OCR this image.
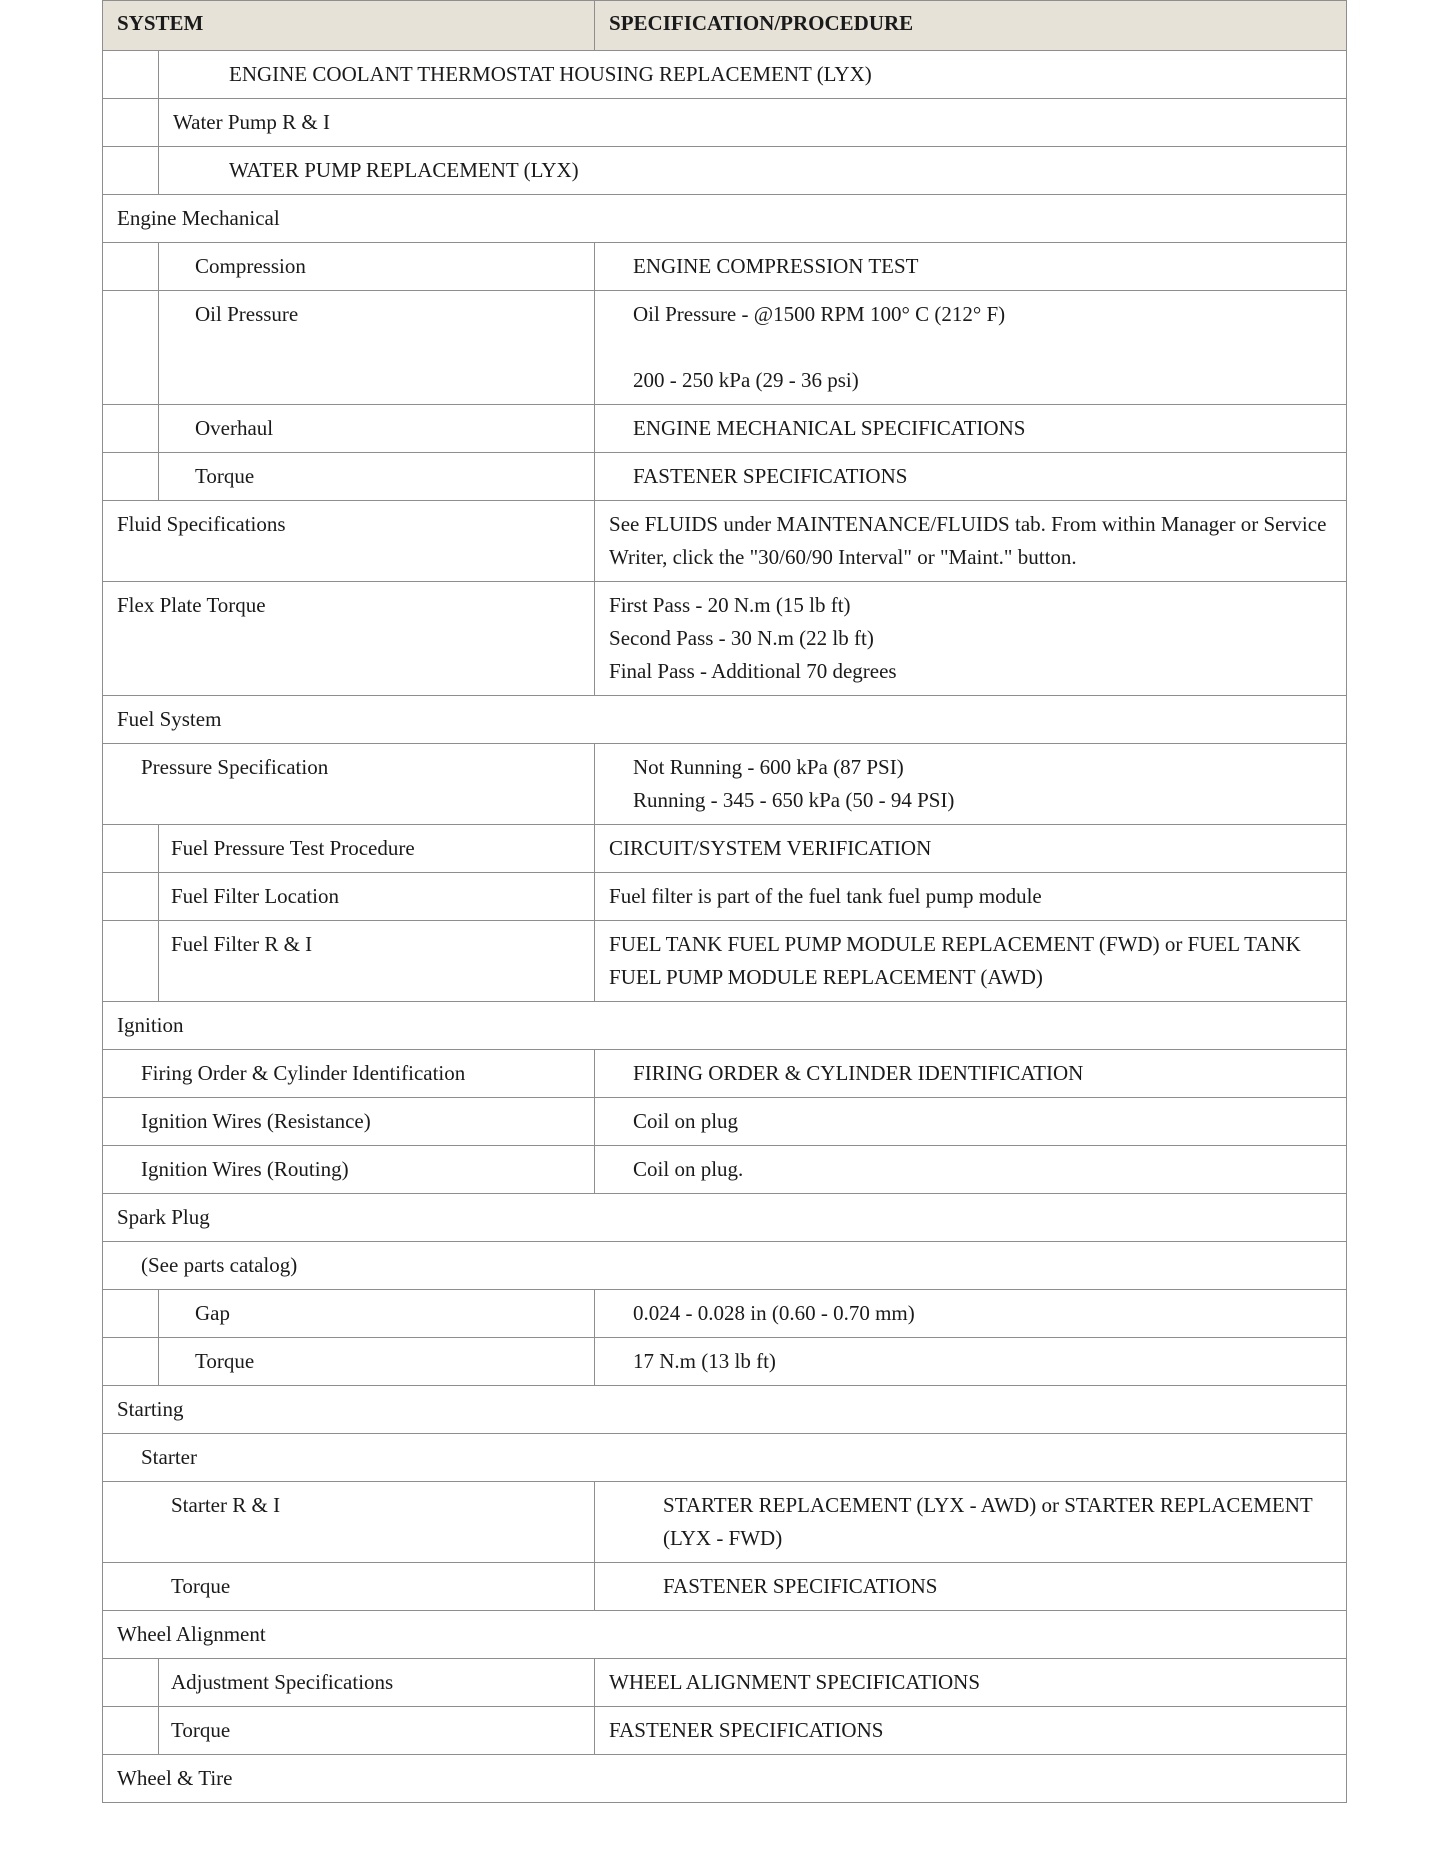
SYSTEM		SPECIFICATION/PROCEDURE
	ENGINE COOLANT THERMOSTAT HOUSING REPLACEMENT (LYX)	
	Water Pump R & I	
	WATER PUMP REPLACEMENT (LYX)	
Engine Mechanical		
	Compression	ENGINE COMPRESSION TEST

	Oil Pressure	Oil Pressure - @1500 RPM 100° C (212° F)
200 - 250 kPa (29 - 36 psi)

	Overhaul	ENGINE MECHANICAL SPECIFICATIONS

	Torque	FASTENER SPECIFICATIONS

Fluid Specifications		See FLUIDS under MAINTENANCE/FLUIDS tab. From within Manager or Service Writer, click the "30/60/90 Interval" or "Maint." button.

Flex Plate Torque		First Pass - 20 N.m (15 lb ft)
Second Pass - 30 N.m (22 lb ft)
Final Pass - Additional 70 degrees

Fuel System		
Pressure Specification		Not Running - 600 kPa (87 PSI)
Running - 345 - 650 kPa (50 - 94 PSI)

	Fuel Pressure Test Procedure	CIRCUIT/SYSTEM VERIFICATION

	Fuel Filter Location	Fuel filter is part of the fuel tank fuel pump module

	Fuel Filter R & I	FUEL TANK FUEL PUMP MODULE REPLACEMENT (FWD) or FUEL TANK FUEL PUMP MODULE REPLACEMENT (AWD)

Ignition		
Firing Order & Cylinder Identification		FIRING ORDER & CYLINDER IDENTIFICATION

Ignition Wires (Resistance)		Coil on plug

Ignition Wires (Routing)		Coil on plug.

Spark Plug		
(See parts catalog)		
	Gap	0.024 - 0.028 in (0.60 - 0.70 mm)

	Torque	17 N.m (13 lb ft)

Starting		
Starter		
Starter R & I		STARTER REPLACEMENT (LYX - AWD) or STARTER REPLACEMENT (LYX - FWD)

Torque		FASTENER SPECIFICATIONS

Wheel Alignment		
	Adjustment Specifications	WHEEL ALIGNMENT SPECIFICATIONS

	Torque	FASTENER SPECIFICATIONS

Wheel & Tire		
